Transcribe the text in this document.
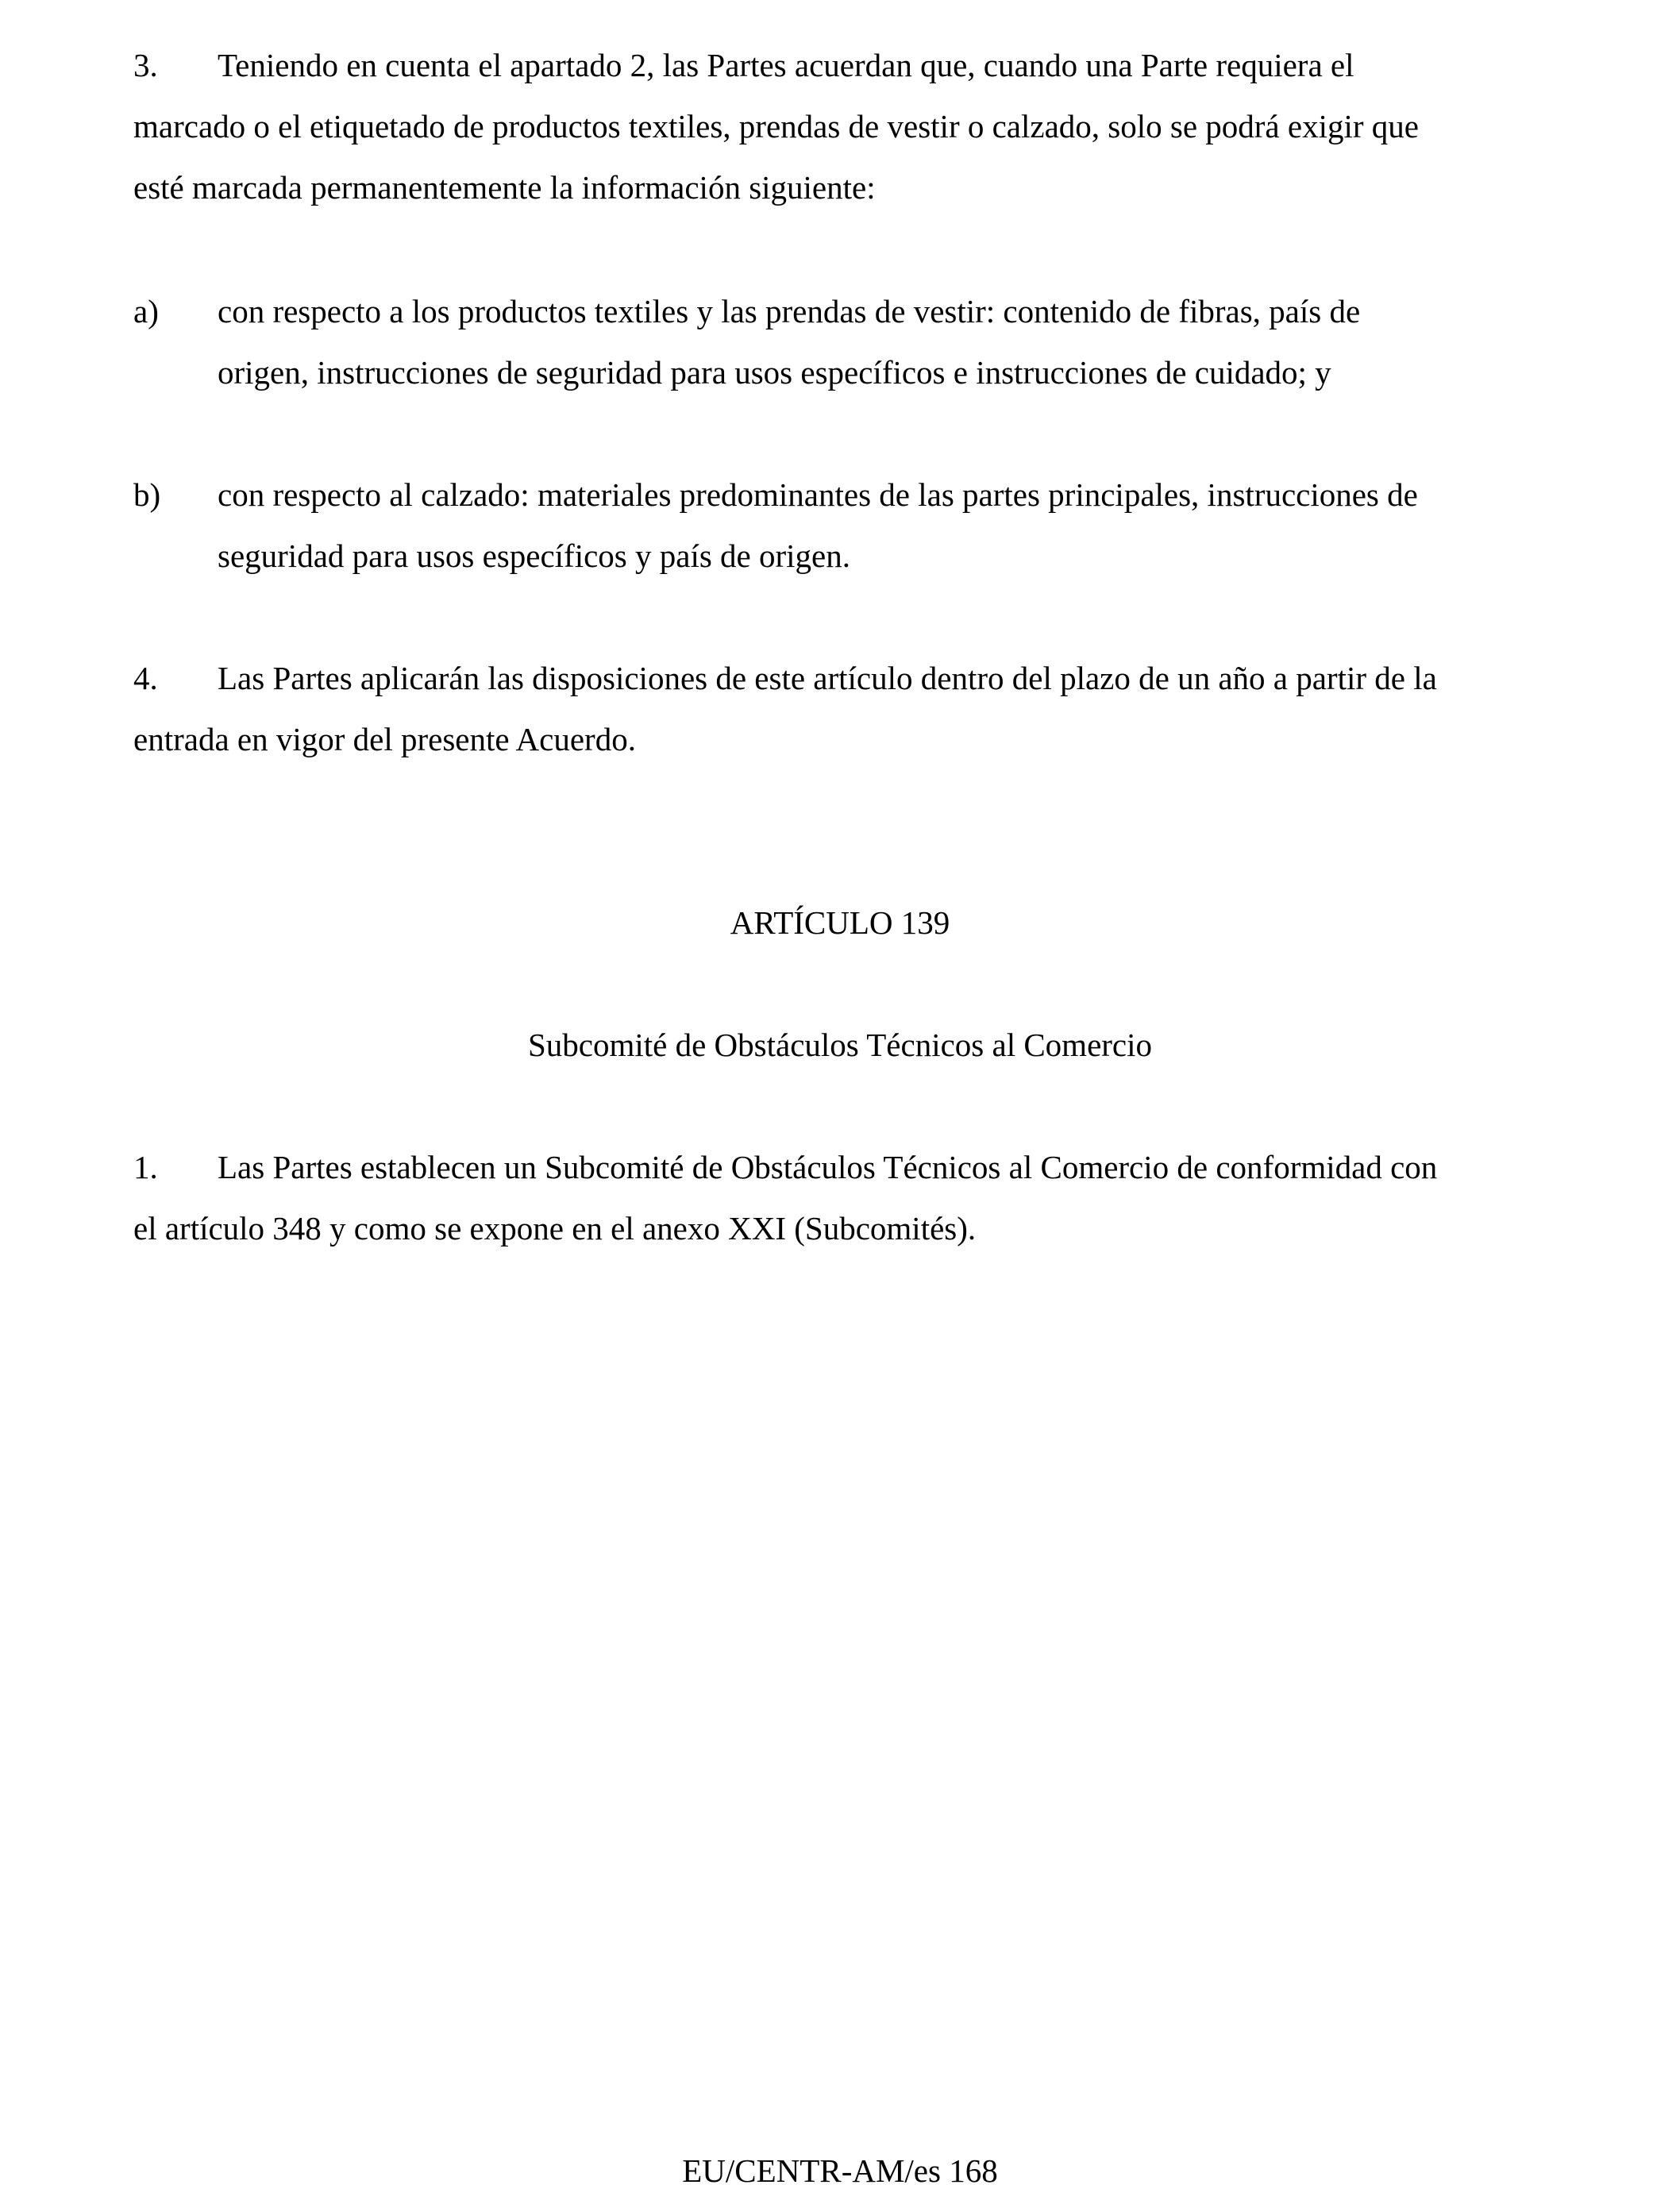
3. Teniendo en cuenta el apartado 2, las Partes acuerdan que, cuando una Parte requiera el
marcado o el etiquetado de productos textiles, prendas de vestir o calzado, solo se podrá exigir que
esté marcada permanentemente la información siguiente:
a) con respecto a los productos textiles y las prendas de vestir: contenido de fibras, país de
origen, instrucciones de seguridad para usos específicos e instrucciones de cuidado; y
b) con respecto al calzado: materiales predominantes de las partes principales, instrucciones de
seguridad para usos específicos y país de origen.
4. Las Partes aplicarán las disposiciones de este artículo dentro del plazo de un año a partir de la
entrada en vigor del presente Acuerdo.
ARTÍCULO 139
Subcomité de Obstáculos Técnicos al Comercio
1. Las Partes establecen un Subcomité de Obstáculos Técnicos al Comercio de conformidad con
el artículo 348 y como se expone en el anexo XXI (Subcomités).
EU/CENTR-AM/es 168
